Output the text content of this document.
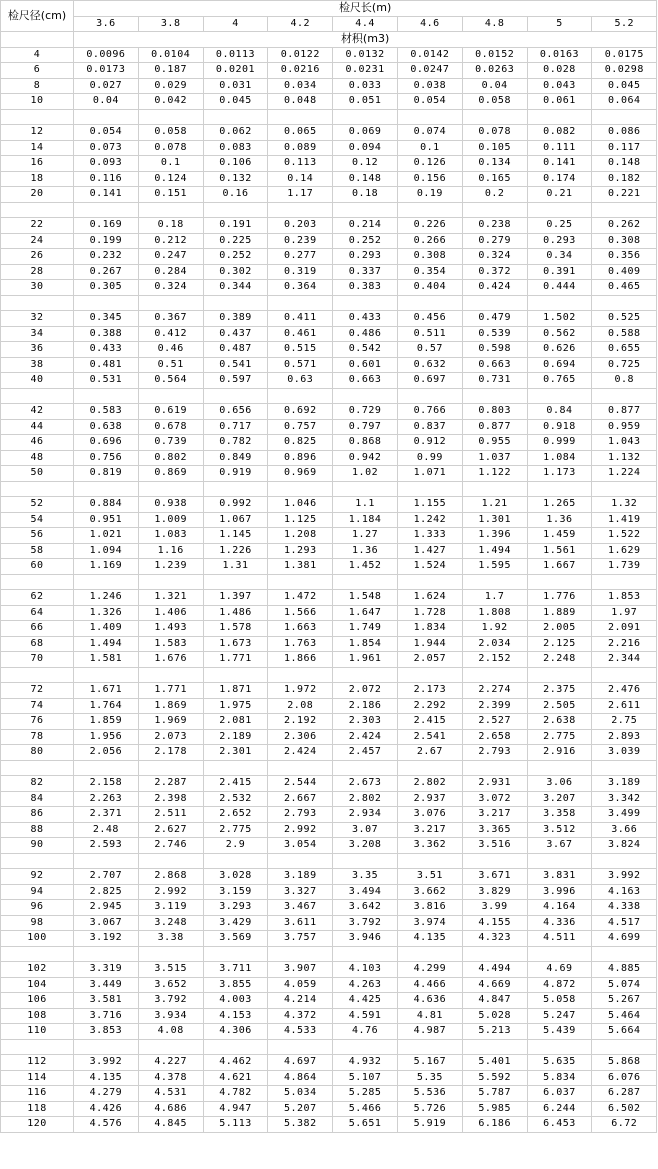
检尺径(cm)	检尺长(m)								
	3.6	3.8	4	4.2	4.4	4.6	4.8	5	5.2
	材积(m3)								
4	0.0096	0.0104	0.0113	0.0122	0.0132	0.0142	0.0152	0.0163	0.0175
6	0.0173	0.187	0.0201	0.0216	0.0231	0.0247	0.0263	0.028	0.0298
8	0.027	0.029	0.031	0.034	0.033	0.038	0.04	0.043	0.045
10	0.04	0.042	0.045	0.048	0.051	0.054	0.058	0.061	0.064

12	0.054	0.058	0.062	0.065	0.069	0.074	0.078	0.082	0.086
14	0.073	0.078	0.083	0.089	0.094	0.1	0.105	0.111	0.117
16	0.093	0.1	0.106	0.113	0.12	0.126	0.134	0.141	0.148
18	0.116	0.124	0.132	0.14	0.148	0.156	0.165	0.174	0.182
20	0.141	0.151	0.16	1.17	0.18	0.19	0.2	0.21	0.221

22	0.169	0.18	0.191	0.203	0.214	0.226	0.238	0.25	0.262
24	0.199	0.212	0.225	0.239	0.252	0.266	0.279	0.293	0.308
26	0.232	0.247	0.252	0.277	0.293	0.308	0.324	0.34	0.356
28	0.267	0.284	0.302	0.319	0.337	0.354	0.372	0.391	0.409
30	0.305	0.324	0.344	0.364	0.383	0.404	0.424	0.444	0.465

32	0.345	0.367	0.389	0.411	0.433	0.456	0.479	1.502	0.525
34	0.388	0.412	0.437	0.461	0.486	0.511	0.539	0.562	0.588
36	0.433	0.46	0.487	0.515	0.542	0.57	0.598	0.626	0.655
38	0.481	0.51	0.541	0.571	0.601	0.632	0.663	0.694	0.725
40	0.531	0.564	0.597	0.63	0.663	0.697	0.731	0.765	0.8

42	0.583	0.619	0.656	0.692	0.729	0.766	0.803	0.84	0.877
44	0.638	0.678	0.717	0.757	0.797	0.837	0.877	0.918	0.959
46	0.696	0.739	0.782	0.825	0.868	0.912	0.955	0.999	1.043
48	0.756	0.802	0.849	0.896	0.942	0.99	1.037	1.084	1.132
50	0.819	0.869	0.919	0.969	1.02	1.071	1.122	1.173	1.224

52	0.884	0.938	0.992	1.046	1.1	1.155	1.21	1.265	1.32
54	0.951	1.009	1.067	1.125	1.184	1.242	1.301	1.36	1.419
56	1.021	1.083	1.145	1.208	1.27	1.333	1.396	1.459	1.522
58	1.094	1.16	1.226	1.293	1.36	1.427	1.494	1.561	1.629
60	1.169	1.239	1.31	1.381	1.452	1.524	1.595	1.667	1.739

62	1.246	1.321	1.397	1.472	1.548	1.624	1.7	1.776	1.853
64	1.326	1.406	1.486	1.566	1.647	1.728	1.808	1.889	1.97
66	1.409	1.493	1.578	1.663	1.749	1.834	1.92	2.005	2.091
68	1.494	1.583	1.673	1.763	1.854	1.944	2.034	2.125	2.216
70	1.581	1.676	1.771	1.866	1.961	2.057	2.152	2.248	2.344

72	1.671	1.771	1.871	1.972	2.072	2.173	2.274	2.375	2.476
74	1.764	1.869	1.975	2.08	2.186	2.292	2.399	2.505	2.611
76	1.859	1.969	2.081	2.192	2.303	2.415	2.527	2.638	2.75
78	1.956	2.073	2.189	2.306	2.424	2.541	2.658	2.775	2.893
80	2.056	2.178	2.301	2.424	2.457	2.67	2.793	2.916	3.039

82	2.158	2.287	2.415	2.544	2.673	2.802	2.931	3.06	3.189
84	2.263	2.398	2.532	2.667	2.802	2.937	3.072	3.207	3.342
86	2.371	2.511	2.652	2.793	2.934	3.076	3.217	3.358	3.499
88	2.48	2.627	2.775	2.992	3.07	3.217	3.365	3.512	3.66
90	2.593	2.746	2.9	3.054	3.208	3.362	3.516	3.67	3.824

92	2.707	2.868	3.028	3.189	3.35	3.51	3.671	3.831	3.992
94	2.825	2.992	3.159	3.327	3.494	3.662	3.829	3.996	4.163
96	2.945	3.119	3.293	3.467	3.642	3.816	3.99	4.164	4.338
98	3.067	3.248	3.429	3.611	3.792	3.974	4.155	4.336	4.517
100	3.192	3.38	3.569	3.757	3.946	4.135	4.323	4.511	4.699

102	3.319	3.515	3.711	3.907	4.103	4.299	4.494	4.69	4.885
104	3.449	3.652	3.855	4.059	4.263	4.466	4.669	4.872	5.074
106	3.581	3.792	4.003	4.214	4.425	4.636	4.847	5.058	5.267
108	3.716	3.934	4.153	4.372	4.591	4.81	5.028	5.247	5.464
110	3.853	4.08	4.306	4.533	4.76	4.987	5.213	5.439	5.664

112	3.992	4.227	4.462	4.697	4.932	5.167	5.401	5.635	5.868
114	4.135	4.378	4.621	4.864	5.107	5.35	5.592	5.834	6.076
116	4.279	4.531	4.782	5.034	5.285	5.536	5.787	6.037	6.287
118	4.426	4.686	4.947	5.207	5.466	5.726	5.985	6.244	6.502
120	4.576	4.845	5.113	5.382	5.651	5.919	6.186	6.453	6.72
